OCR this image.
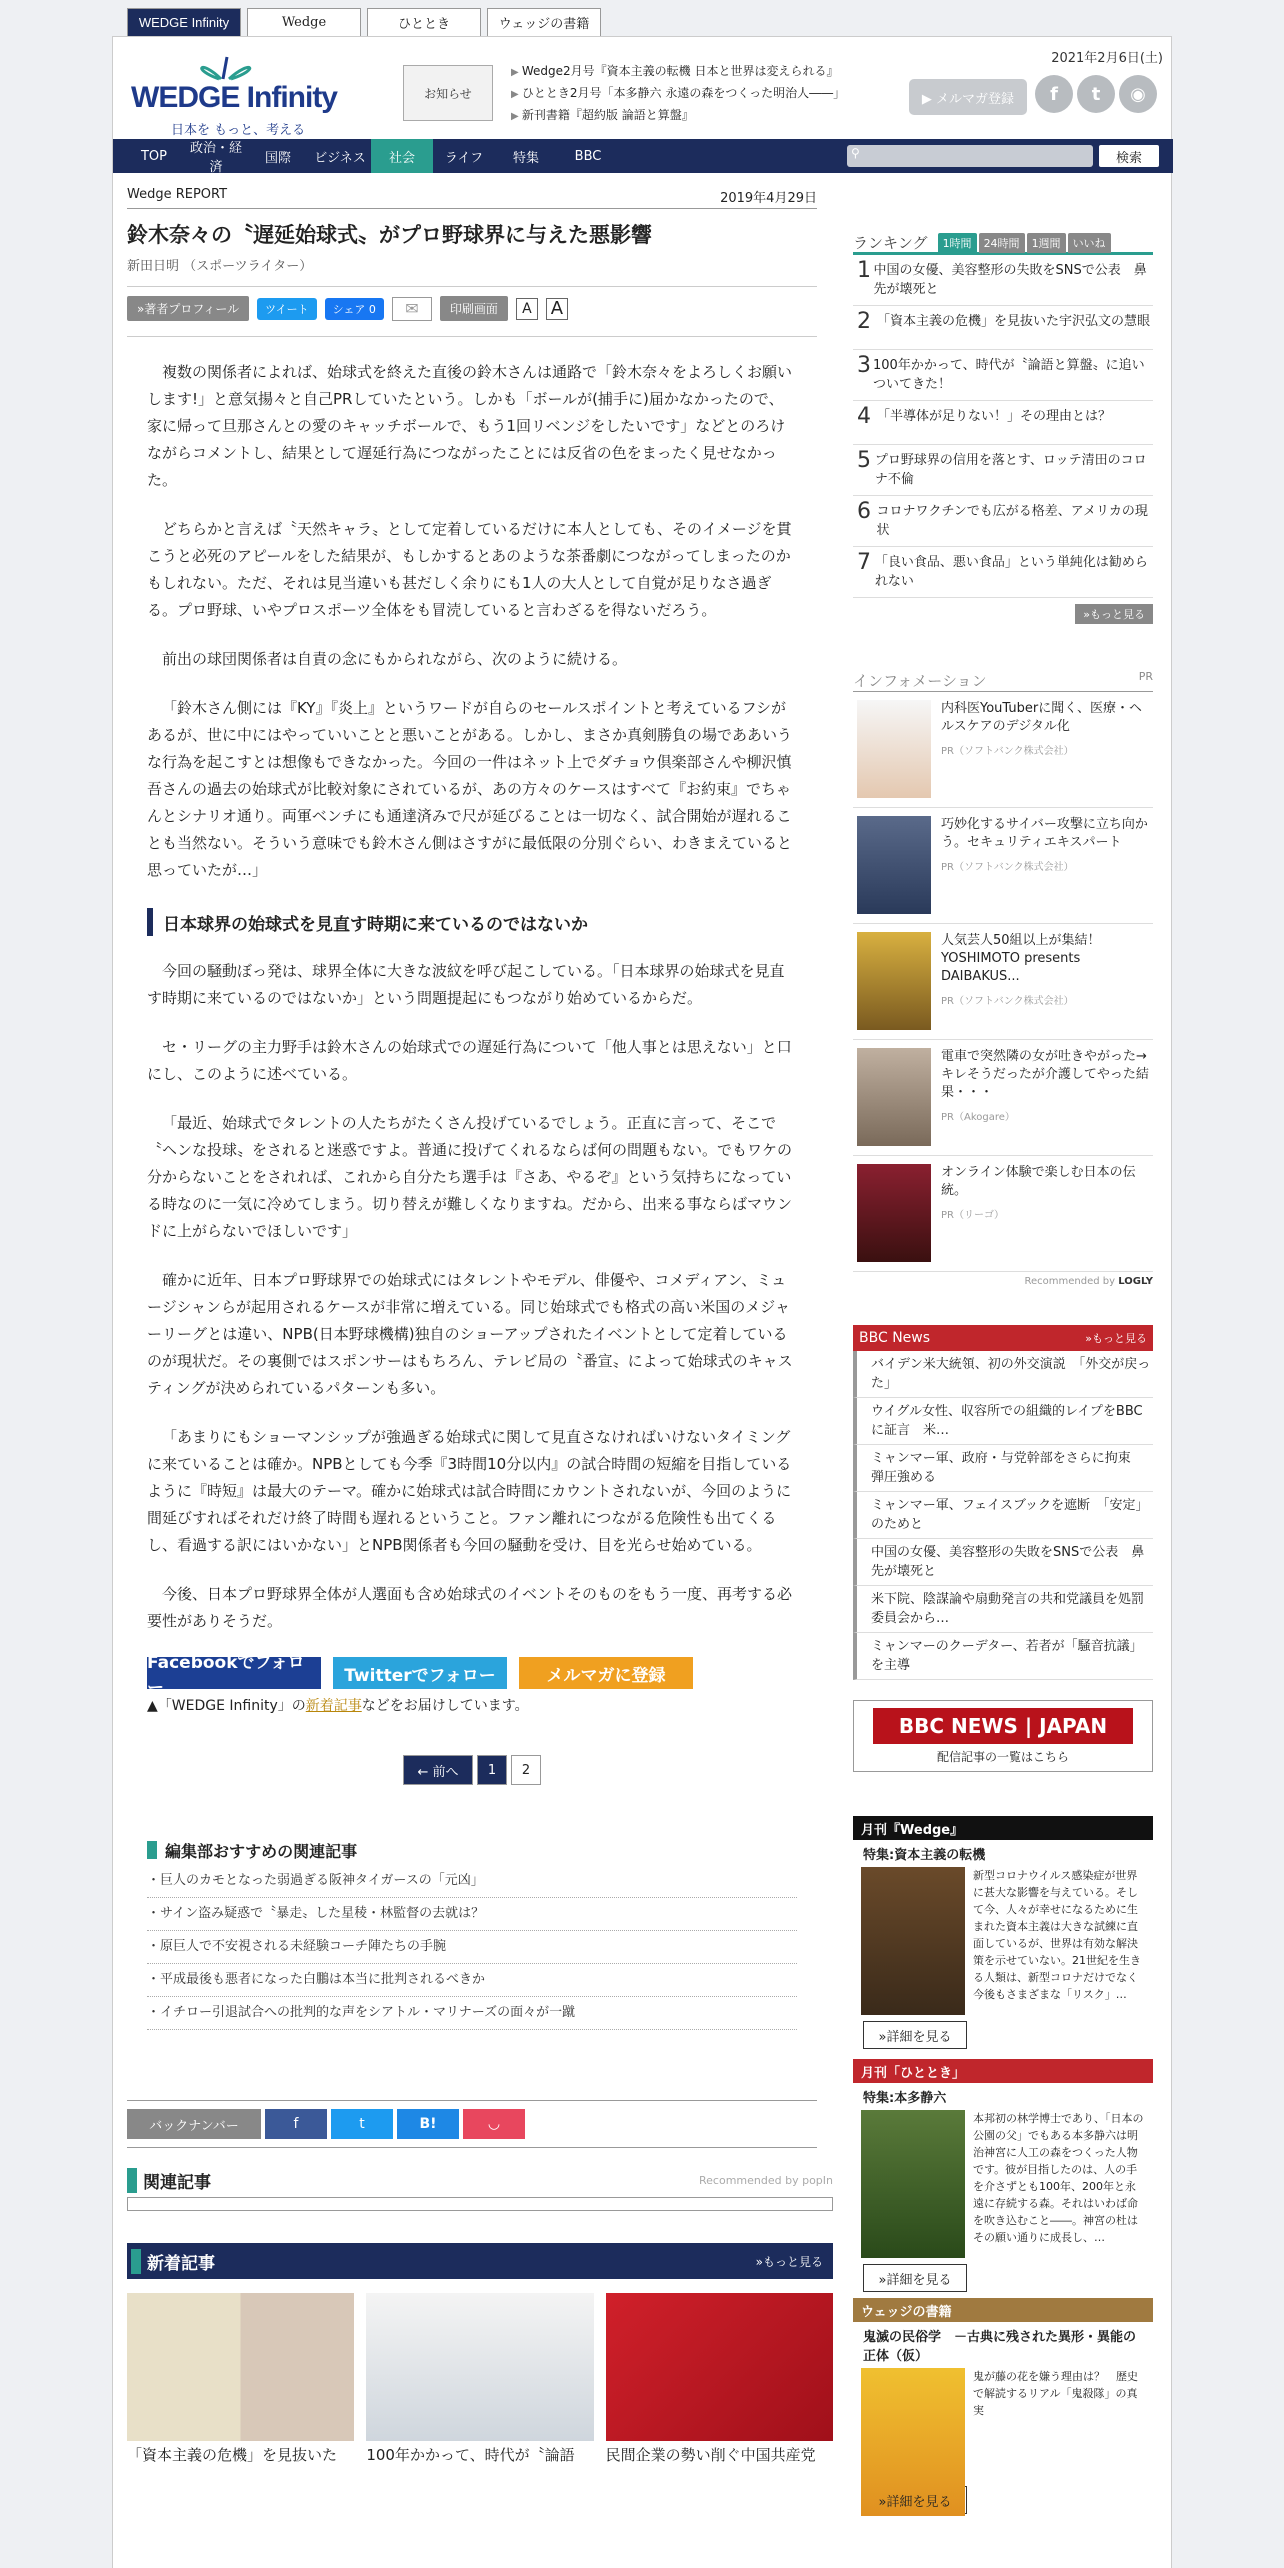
WEDGE Infinity	Wedge	ひととき	ウェッジの書籍
WEDGE Infinity
日本を もっと、考える
お知らせ
▶ Wedge2月号『資本主義の転機 日本と世界は変えられる』
▶ ひととき2月号「本多静六 永遠の森をつくった明治人――」
▶ 新刊書籍『超約版 論語と算盤』
2021年2月6日(土)
▶ メルマガ登録	f	t	◉
TOP	政治・経済
国際	ビジネス	社会	ライフ	特集	BBC	⚲	検索
Wedge REPORT	2019年4月29日
鈴木奈々の〝遅延始球式〟がプロ野球界に与えた悪影響
新田日明 （スポーツライター）
»著者プロフィール	ツイート	シェア 0	✉	印刷画面	A	A

複数の関係者によれば、始球式を終えた直後の鈴木さんは通路で「鈴木奈々をよろしくお願いします!」と意気揚々と自己PRしていたという。しかも「ボールが(捕手に)届かなかったので、家に帰って旦那さんとの愛のキャッチボールで、もう1回リベンジをしたいです」などとのろけながらコメントし、結果として遅延行為につながったことには反省の色をまったく見せなかった。

どちらかと言えば〝天然キャラ〟として定着しているだけに本人としても、そのイメージを貫こうと必死のアピールをした結果が、もしかするとあのような茶番劇につながってしまったのかもしれない。ただ、それは見当違いも甚だしく余りにも1人の大人として自覚が足りなさ過ぎる。プロ野球、いやプロスポーツ全体をも冒涜していると言わざるを得ないだろう。

前出の球団関係者は自責の念にもかられながら、次のように続ける。

「鈴木さん側には『KY』『炎上』というワードが自らのセールスポイントと考えているフシがあるが、世に中にはやっていいことと悪いことがある。しかし、まさか真剣勝負の場でああいうな行為を起こすとは想像もできなかった。今回の一件はネット上でダチョウ倶楽部さんや柳沢慎吾さんの過去の始球式が比較対象にされているが、あの方々のケースはすべて『お約束』でちゃんとシナリオ通り。両軍ベンチにも通達済みで尺が延びることは一切なく、試合開始が遅れることも当然ない。そういう意味でも鈴木さん側はさすがに最低限の分別ぐらい、わきまえていると思っていたが…」

日本球界の始球式を見直す時期に来ているのではないか

今回の騒動ぼっ発は、球界全体に大きな波紋を呼び起こしている。「日本球界の始球式を見直す時期に来ているのではないか」という問題提起にもつながり始めているからだ。

セ・リーグの主力野手は鈴木さんの始球式での遅延行為について「他人事とは思えない」と口にし、このように述べている。

「最近、始球式でタレントの人たちがたくさん投げているでしょう。正直に言って、そこで〝ヘンな投球〟をされると迷惑ですよ。普通に投げてくれるならば何の問題もない。でもワケの分からないことをされれば、これから自分たち選手は『さあ、やるぞ』という気持ちになっている時なのに一気に冷めてしまう。切り替えが難しくなりますね。だから、出来る事ならばマウンドに上がらないでほしいです」

確かに近年、日本プロ野球界での始球式にはタレントやモデル、俳優や、コメディアン、ミュージシャンらが起用されるケースが非常に増えている。同じ始球式でも格式の高い米国のメジャーリーグとは違い、NPB(日本野球機構)独自のショーアップされたイベントとして定着しているのが現状だ。その裏側ではスポンサーはもちろん、テレビ局の〝番宣〟によって始球式のキャスティングが決められているパターンも多い。

「あまりにもショーマンシップが強過ぎる始球式に関して見直さなければいけないタイミングに来ていることは確か。NPBとしても今季『3時間10分以内』の試合時間の短縮を目指しているように『時短』は最大のテーマ。確かに始球式は試合時間にカウントされないが、今回のように間延びすればそれだけ終了時間も遅れるということ。ファン離れにつながる危険性も出てくるし、看過する訳にはいかない」とNPB関係者も今回の騒動を受け、目を光らせ始めている。

今後、日本プロ野球界全体が人選面も含め始球式のイベントそのものをもう一度、再考する必要性がありそうだ。

Facebookでフォロー
Twitterでフォロー	メルマガに登録
▲「WEDGE Infinity」の新着記事などをお届けしています。
← 前へ	1	2
編集部おすすめの関連記事
・巨人のカモとなった弱過ぎる阪神タイガースの「元凶」
・サイン盗み疑惑で〝暴走〟した星稜・林監督の去就は？
・原巨人で不安視される未経験コーチ陣たちの手腕
・平成最後も悪者になった白鵬は本当に批判されるべきか
・イチロー引退試合への批判的な声をシアトル・マリナーズの面々が一蹴
バックナンバー	f	t	B!	◡
関連記事	Recommended by popIn
新着記事	»もっと見る
「資本主義の危機」を見抜いた	100年かかって、時代が〝論語	民間企業の勢い削ぐ中国共産党
ランキング	1時間	24時間	1週間	いいね
1 中国の女優、美容整形の失敗をSNSで公表　鼻先が壊死と
2 「資本主義の危機」を見抜いた宇沢弘文の慧眼
3 100年かかって、時代が〝論語と算盤〟に追いついてきた！
4 「半導体が足りない！」その理由とは？
5 プロ野球界の信用を落とす、ロッテ清田のコロナ不倫
6 コロナワクチンでも広がる格差、アメリカの現状
7 「良い食品、悪い食品」という単純化は勧められない
»もっと見る
インフォメーション	PR
内科医YouTuberに聞く、医療・ヘルスケアのデジタル化
PR（ソフトバンク株式会社）
巧妙化するサイバー攻撃に立ち向かう。セキュリティエキスパート
PR（ソフトバンク株式会社）
人気芸人50組以上が集結！YOSHIMOTO presents DAIBAKUS...
PR（ソフトバンク株式会社）
電車で突然隣の女が吐きやがった→キレそうだったが介護してやった結果・・・
PR（Akogare）
オンライン体験で楽しむ日本の伝統。
PR（リーゴ）
Recommended by LOGLY
BBC News	»もっと見る
バイデン米大統領、初の外交演説　「外交が戻った」
ウイグル女性、収容所での組織的レイプをBBCに証言　米…
ミャンマー軍、政府・与党幹部をさらに拘束　弾圧強める
ミャンマー軍、フェイスブックを遮断　「安定」のためと
中国の女優、美容整形の失敗をSNSで公表　鼻先が壊死と
米下院、陰謀論や扇動発言の共和党議員を処罰　委員会から…
ミャンマーのクーデター、若者が「騒音抗議」を主導
BBC NEWS | JAPAN
配信記事の一覧はこちら
月刊『Wedge』
特集:資本主義の転機
新型コロナウイルス感染症が世界に甚大な影響を与えている。そして今、人々が幸せになるために生まれた資本主義は大きな試練に直面しているが、世界は有効な解決策を示せていない。21世紀を生きる人類は、新型コロナだけでなく今後もさまざまな「リスク」…
»詳細を見る
月刊「ひととき」
特集:本多静六
本邦初の林学博士であり、「日本の公園の父」でもある本多静六は明治神宮に人工の森をつくった人物です。彼が目指したのは、人の手を介さずとも100年、200年と永遠に存続する森。それはいわば命を吹き込むこと――。神宮の杜はその願い通りに成長し、…
»詳細を見る
ウェッジの書籍
鬼滅の民俗学　－古典に残された異形・異能の正体（仮）
鬼が藤の花を嫌う理由は？　歴史で解読するリアル「鬼殺隊」の真実
